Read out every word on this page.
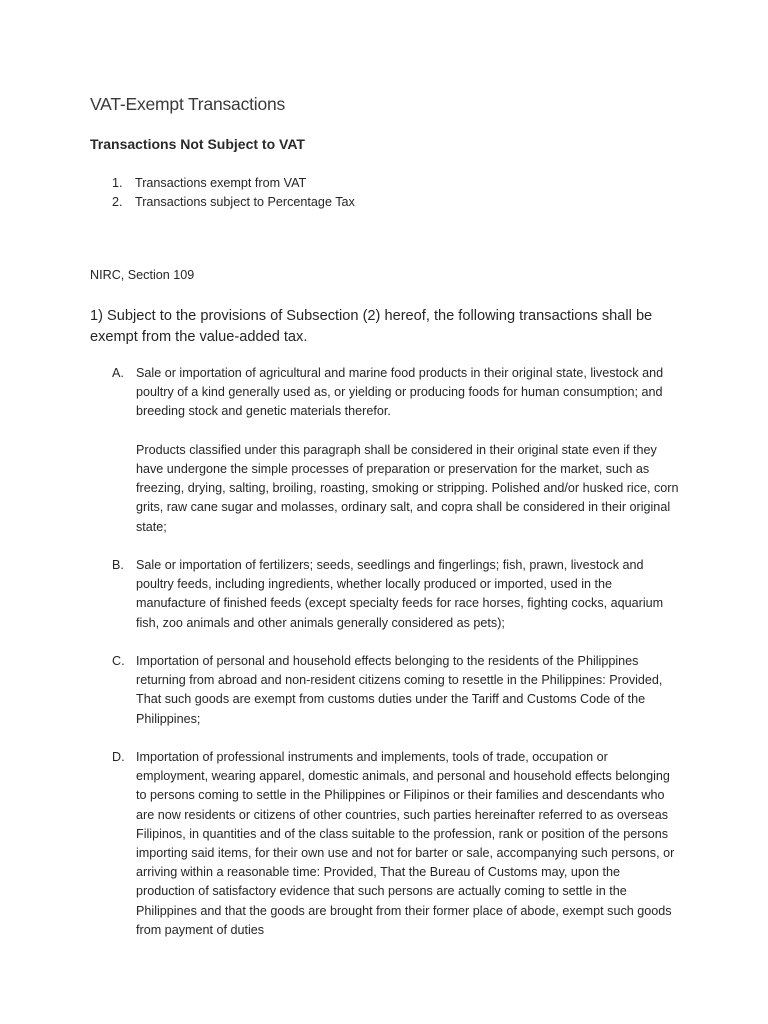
VAT-Exempt Transactions
Transactions Not Subject to VAT
1. Transactions exempt from VAT
2. Transactions subject to Percentage Tax
NIRC, Section 109
1) Subject to the provisions of Subsection (2) hereof, the following transactions shall be exempt from the value-added tax.
A. Sale or importation of agricultural and marine food products in their original state, livestock and poultry of a kind generally used as, or yielding or producing foods for human consumption; and breeding stock and genetic materials therefor.

Products classified under this paragraph shall be considered in their original state even if they have undergone the simple processes of preparation or preservation for the market, such as freezing, drying, salting, broiling, roasting, smoking or stripping. Polished and/or husked rice, corn grits, raw cane sugar and molasses, ordinary salt, and copra shall be considered in their original state;

B. Sale or importation of fertilizers; seeds, seedlings and fingerlings; fish, prawn, livestock and poultry feeds, including ingredients, whether locally produced or imported, used in the manufacture of finished feeds (except specialty feeds for race horses, fighting cocks, aquarium fish, zoo animals and other animals generally considered as pets);

C. Importation of personal and household effects belonging to the residents of the Philippines returning from abroad and non-resident citizens coming to resettle in the Philippines: Provided, That such goods are exempt from customs duties under the Tariff and Customs Code of the Philippines;

D. Importation of professional instruments and implements, tools of trade, occupation or employment, wearing apparel, domestic animals, and personal and household effects belonging to persons coming to settle in the Philippines or Filipinos or their families and descendants who are now residents or citizens of other countries, such parties hereinafter referred to as overseas Filipinos, in quantities and of the class suitable to the profession, rank or position of the persons importing said items, for their own use and not for barter or sale, accompanying such persons, or arriving within a reasonable time: Provided, That the Bureau of Customs may, upon the production of satisfactory evidence that such persons are actually coming to settle in the Philippines and that the goods are brought from their former place of abode, exempt such goods from payment of duties
